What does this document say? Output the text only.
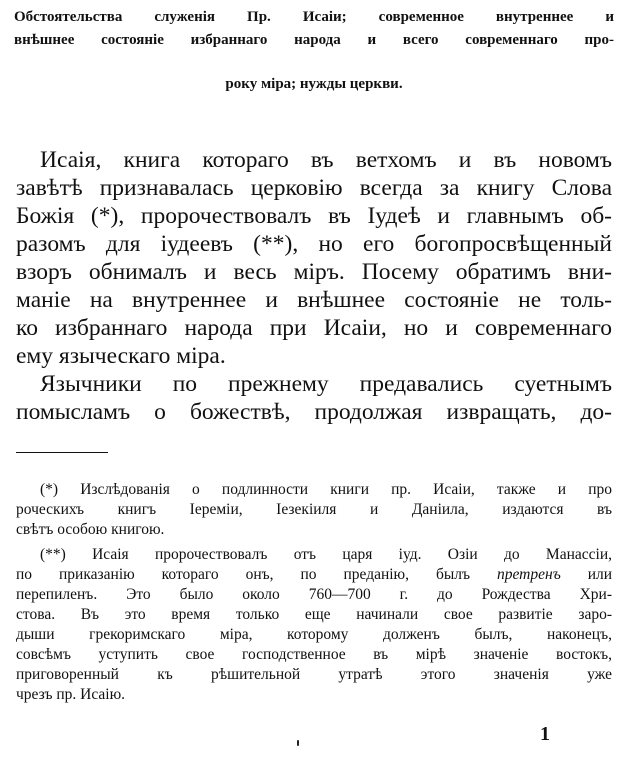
Обстоятельства служенія Пр. Исаіи; современное внутреннее и
внѣшнее состояніе избраннаго народа и всего современнаго про-
року міра; нужды церкви.
Исаія, книга котораго въ ветхомъ и въ новомъ
завѣтѣ признавалась церковію всегда за книгу Слова
Божія (*), пророчествовалъ въ Іудеѣ и главнымъ об-
разомъ для іудеевъ (**), но его богопросвѣщенный
взоръ обнималъ и весь міръ. Посему обратимъ вни-
маніе на внутреннее и внѣшнее состояніе не толь-
ко избраннаго народа при Исаіи, но и современнаго
ему языческаго міра.
Язычники по прежнему предавались суетнымъ
помысламъ о божествѣ, продолжая извращать, до-
(*) Изслѣдованія о подлинности книги пр. Исаіи, также и про
роческихъ книгъ Іереміи, Іезекіиля и Даніила, издаются въ
свѣтъ особою книгою.
(**) Исаія пророчествовалъ отъ царя іуд. Озіи до Манассіи,
по приказанію котораго онъ, по преданію, былъ претренъ или
перепиленъ. Это было около 760—700 г. до Рождества Хри-
стова. Въ это время только еще начинали свое развитіе заро-
дыши грекоримскаго міра, которому долженъ былъ, наконецъ,
совсѣмъ уступить свое господственное въ мірѣ значеніе востокъ,
приговоренный къ рѣшительной утратѣ этого значенія уже
чрезъ пр. Исаію.
1
